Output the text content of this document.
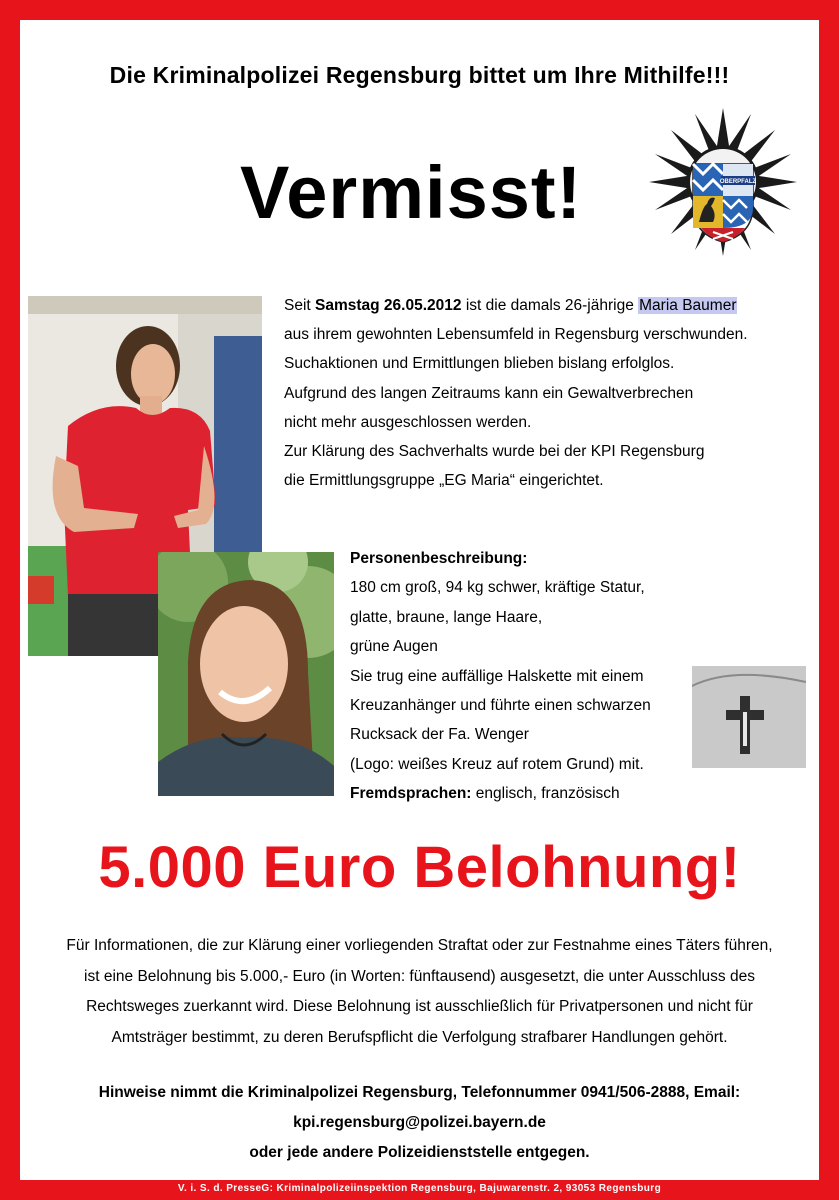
Die Kriminalpolizei Regensburg bittet um Ihre Mithilfe!!!
Vermisst!	OBERPFALZ

Seit Samstag 26.05.2012 ist die damals 26-jährige Maria Baumer
aus ihrem gewohnten Lebensumfeld in Regensburg verschwunden.
Suchaktionen und Ermittlungen blieben bislang erfolglos.
Aufgrund des langen Zeitraums kann ein Gewaltverbrechen
nicht mehr ausgeschlossen werden.
Zur Klärung des Sachverhalts wurde bei der KPI Regensburg
die Ermittlungsgruppe „EG Maria“ eingerichtet.

Personenbeschreibung:
180 cm groß, 94 kg schwer, kräftige Statur,
glatte, braune, lange Haare,
grüne Augen
Sie trug eine auffällige Halskette mit einem
Kreuzanhänger und führte einen schwarzen
Rucksack der Fa. Wenger
(Logo: weißes Kreuz auf rotem Grund) mit.
Fremdsprachen: englisch, französisch

5.000 Euro Belohnung!

Für Informationen, die zur Klärung einer vorliegenden Straftat oder zur Festnahme eines Täters führen,
ist eine Belohnung bis 5.000,- Euro (in Worten: fünftausend) ausgesetzt, die unter Ausschluss des
Rechtsweges zuerkannt wird. Diese Belohnung ist ausschließlich für Privatpersonen und nicht für
Amtsträger bestimmt, zu deren Berufspflicht die Verfolgung strafbarer Handlungen gehört.

Hinweise nimmt die Kriminalpolizei Regensburg, Telefonnummer 0941/506-2888, Email:
kpi.regensburg@polizei.bayern.de
oder jede andere Polizeidienststelle entgegen.

V. i. S. d. PresseG: Kriminalpolizeiinspektion Regensburg, Bajuwarenstr. 2, 93053 Regensburg
